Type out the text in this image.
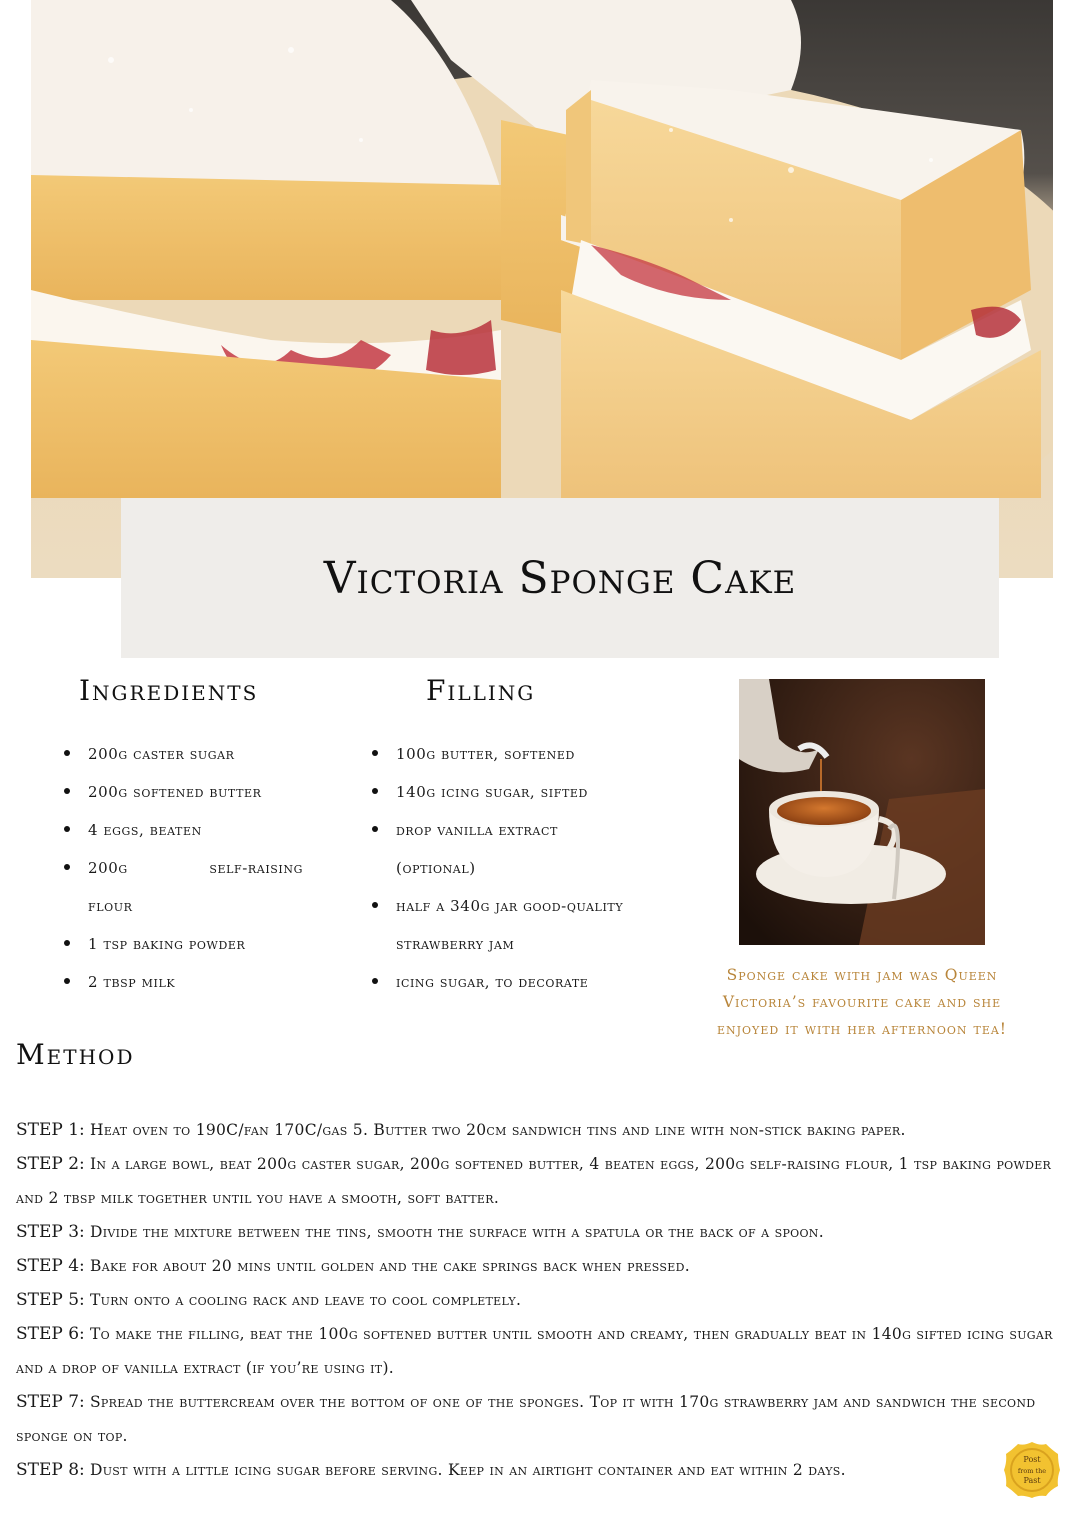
Victoria Sponge Cake
Ingredients
200g caster sugar
200g softened butter
4 eggs, beaten
200g	self-raising
flour
1 tsp baking powder
2 tbsp milk
Filling
100g butter, softened
140g icing sugar, sifted
drop vanilla extract
(optional)
half a 340g jar good-quality
strawberry jam
icing sugar, to decorate	Sponge cake with jam was Queen Victoria’s favourite cake and she enjoyed it with her afternoon tea!
Method

STEP 1: Heat oven to 190C/fan 170C/gas 5. Butter two 20cm sandwich tins and line with non-stick baking paper.

STEP 2: In a large bowl, beat 200g caster sugar, 200g softened butter, 4 beaten eggs, 200g self-raising flour, 1 tsp baking powder and 2 tbsp milk together until you have a smooth, soft batter.

STEP 3: Divide the mixture between the tins, smooth the surface with a spatula or the back of a spoon.

STEP 4: Bake for about 20 mins until golden and the cake springs back when pressed.

STEP 5: Turn onto a cooling rack and leave to cool completely.

STEP 6: To make the filling, beat the 100g softened butter until smooth and creamy, then gradually beat in 140g sifted icing sugar and a drop of vanilla extract (if you’re using it).

STEP 7: Spread the buttercream over the bottom of one of the sponges. Top it with 170g strawberry jam and sandwich the second sponge on top.

STEP 8: Dust with a little icing sugar before serving. Keep in an airtight container and eat within 2 days.

Post
from the
Past
